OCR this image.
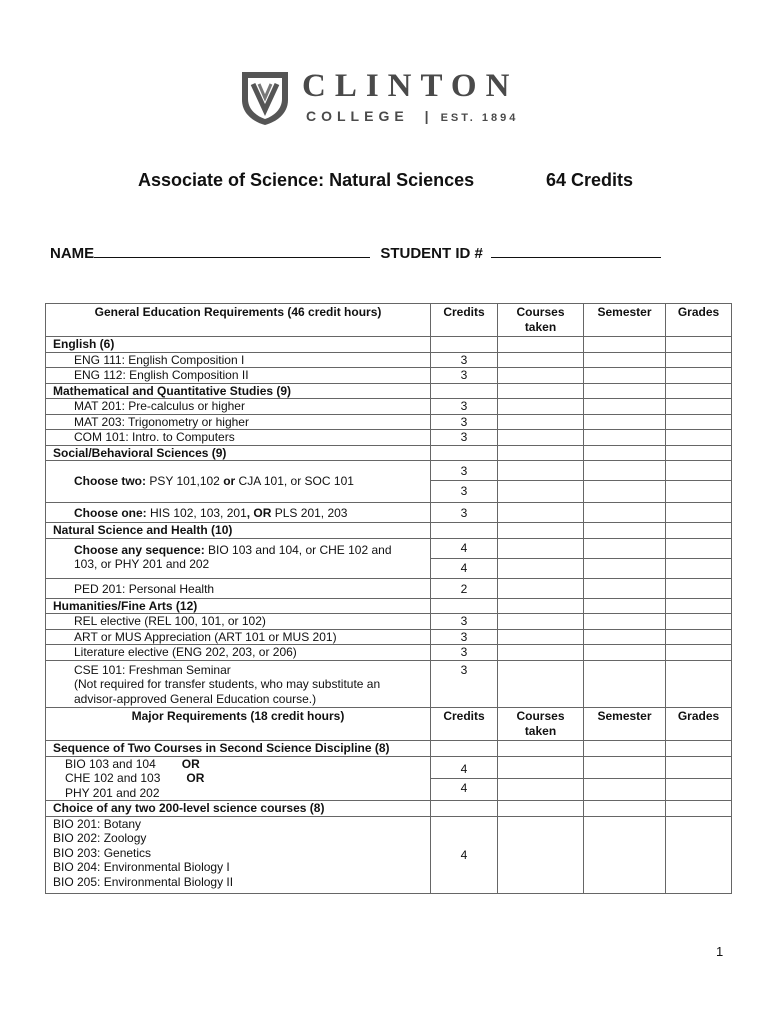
CLINTON
COLLEGE | EST. 1894
Associate of Science: Natural Sciences	64 Credits
NAME	STUDENT ID #
General Education Requirements (46 credit hours)	Credits	Courses taken	Semester	Grades
English (6)				
ENG 111: English Composition I	3			
ENG 112: English Composition II	3			
Mathematical and Quantitative Studies (9)				
MAT 201: Pre-calculus or higher	3			
MAT 203: Trigonometry or higher	3			
COM 101: Intro. to Computers	3			
Social/Behavioral Sciences (9)				
Choose two: PSY 101,102 or CJA 101, or SOC 101	3			
	3			
Choose one: HIS 102, 103, 201, OR PLS 201, 203	3			
Natural Science and Health (10)				
Choose any sequence: BIO 103 and 104, or CHE 102 and 103, or PHY 201 and 202	4			
	4			
PED 201: Personal Health	2			
Humanities/Fine Arts (12)				
REL elective (REL 100, 101, or 102)	3			
ART or MUS Appreciation (ART 101 or MUS 201)	3			
Literature elective (ENG 202, 203, or 206)	3			

CSE 101: Freshman Seminar
(Not required for transfer students, who may substitute an advisor-approved General Education course.)	3			
Major Requirements (18 credit hours)	Credits	Courses taken	Semester	Grades
Sequence of Two Courses in Second Science Discipline (8)				

BIO 103 and 104 OR
CHE 102 and 103 OR
PHY 201 and 202	4			
	4			
Choice of any two 200-level science courses (8)				

BIO 201: Botany
BIO 202: Zoology
BIO 203: Genetics
BIO 204: Environmental Biology I
BIO 205: Environmental Biology II	4			
1
